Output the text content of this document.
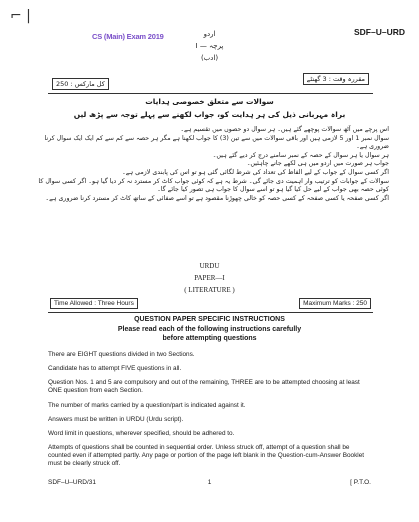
⌐ |
SDF–U–URD
CS (Main) Exam 2019	اردو
پرچہ — I
(ادب)
مقررہ وقت : 3 گھنٹے
کل مارکس : 250
سوالات سے متعلق خصوصی ہدایات
براہ مہربانی ذیل کی ہر ہدایت کو، جواب لکھنے سے پہلے توجہ سے پڑھ لیں
اس پرچے میں آٹھ سوالات پوچھے گئے ہیں۔ ہر سوال دو حصوں میں تقسیم ہے۔
سوال نمبر 1 اور 5 لازمی ہیں اور باقی سوالات میں سے تین (3) کا جواب لکھنا ہے مگر ہر حصہ سے کم سے کم ایک ایک سوال کرنا ضروری ہے۔
ہر سوال یا ہر سوال کے حصہ کے نمبر سامنے درج کر دیے گئے ہیں۔
جواب ہر صورت میں اردو میں ہی لکھے جانے چاہئیں۔
اگر کسی سوال کے جواب کے لیے الفاظ کی تعداد کی شرط لگائی گئی ہو تو اس کی پابندی لازمی ہے۔
سوالات کے جوابات کو ترتیب وار اہمیت دی جائے گی۔ شرط یہ ہے کہ کوئی جواب کاٹ کر مسترد نہ کر دیا گیا ہو۔ اگر کسی سوال کا کوئی حصہ بھی جواب کے لیے حل کیا گیا ہو تو اسے سوال کا جواب ہی تصور کیا جائے گا۔
اگر کسی صفحہ یا کسی صفحہ کے کسی حصہ کو خالی چھوڑنا مقصود ہے تو اسے صفائی کے ساتھ کاٹ کر مسترد کرنا ضروری ہے۔
URDU
PAPER—I
( LITERATURE )
Time Allowed : Three Hours	Maximum Marks : 250
QUESTION PAPER SPECIFIC INSTRUCTIONS
Please read each of the following instructions carefully
before attempting questions
There are EIGHT questions divided in two Sections.
Candidate has to attempt FIVE questions in all.
Question Nos. 1 and 5 are compulsory and out of the remaining, THREE are to be attempted choosing at least ONE question from each Section.
The number of marks carried by a question/part is indicated against it.
Answers must be written in URDU (Urdu script).
Word limit in questions, wherever specified, should be adhered to.
Attempts of questions shall be counted in sequential order. Unless struck off, attempt of a question shall be counted even if attempted partly. Any page or portion of the page left blank in the Question-cum-Answer Booklet must be clearly struck off.
SDF–U–URD/31	1	[ P.T.O.
